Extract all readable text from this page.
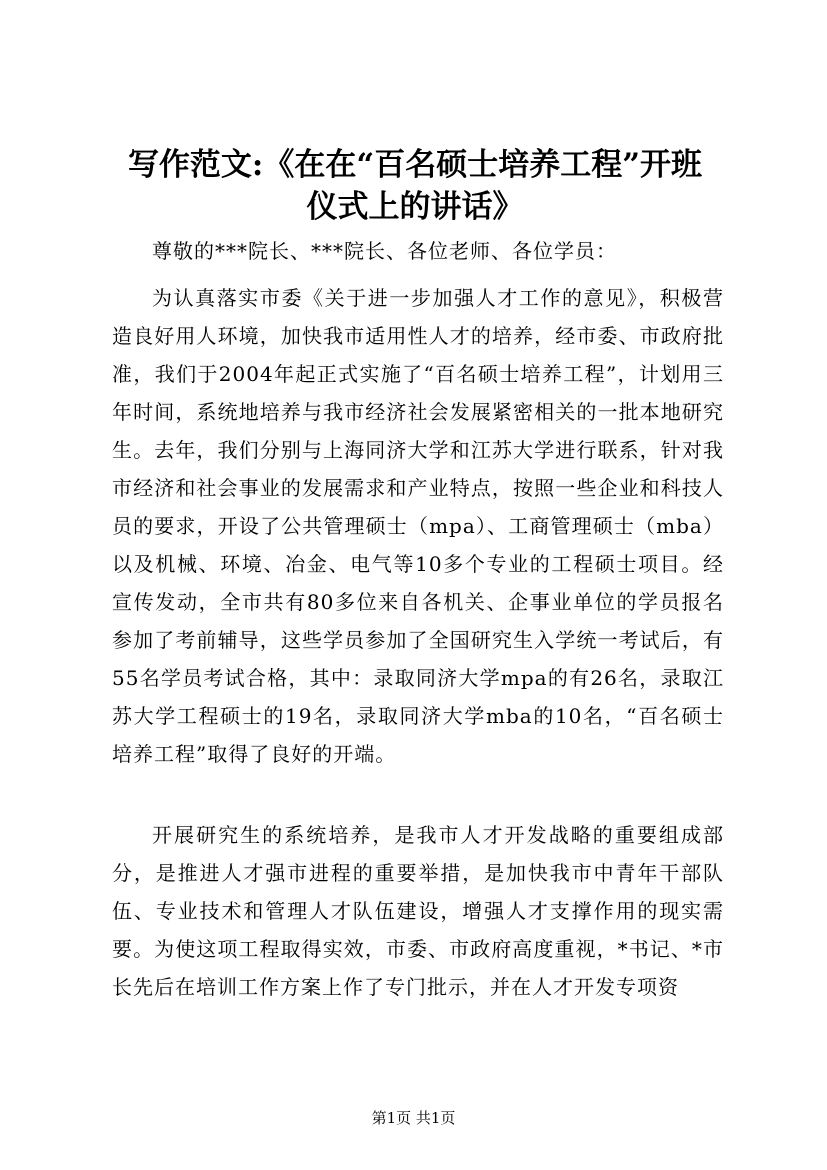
写作范文:《在在“百名硕士培养工程”开班
仪式上的讲话》

尊敬的***院长、***院长、各位老师、各位学员：

为认真落实市委《关于进一步加强人才工作的意见》，积极营造良好用人环境，加快我市适用性人才的培养，经市委、市政府批准，我们于2004年起正式实施了“百名硕士培养工程”，计划用三年时间，系统地培养与我市经济社会发展紧密相关的一批本地研究生。去年，我们分别与上海同济大学和江苏大学进行联系，针对我市经济和社会事业的发展需求和产业特点，按照一些企业和科技人员的要求，开设了公共管理硕士（mpa）、工商管理硕士（mba）以及机械、环境、冶金、电气等10多个专业的工程硕士项目。经宣传发动，全市共有80多位来自各机关、企事业单位的学员报名参加了考前辅导，这些学员参加了全国研究生入学统一考试后，有55名学员考试合格，其中：录取同济大学mpa的有26名，录取江苏大学工程硕士的19名，录取同济大学mba的10名，“百名硕士培养工程”取得了良好的开端。

开展研究生的系统培养，是我市人才开发战略的重要组成部分，是推进人才强市进程的重要举措，是加快我市中青年干部队伍、专业技术和管理人才队伍建设，增强人才支撑作用的现实需要。为使这项工程取得实效，市委、市政府高度重视，*书记、*市长先后在培训工作方案上作了专门批示，并在人才开发专项资

第1页 共1页
